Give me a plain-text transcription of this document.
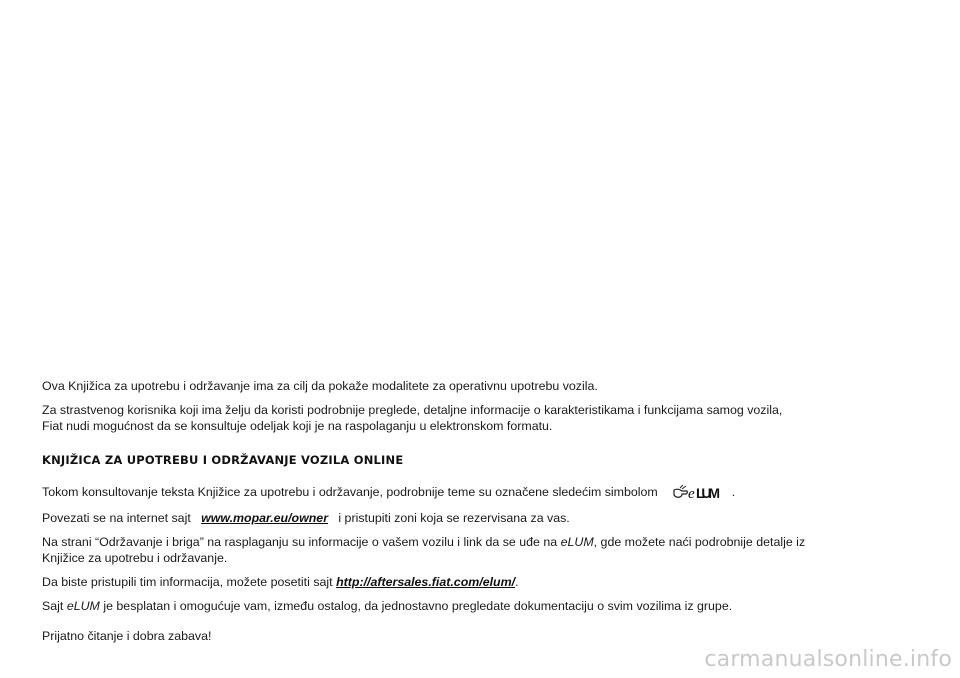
Ova Knjižica za upotrebu i održavanje ima za cilj da pokaže modalitete za operativnu upotrebu vozila.

Za strastvenog korisnika koji ima želju da koristi podrobnije preglede, detaljne informacije o karakteristikama i funkcijama samog vozila,
Fiat nudi mogućnost da se konsultuje odeljak koji je na raspolaganju u elektronskom formatu.

KNJIŽICA ZA UPOTREBU I ODRŽAVANJE VOZILA ONLINE

Tokom konsultovanje teksta Knjižice za upotrebu i održavanje, podrobnije teme su označene sledećim simbolom e LUM .

Povezati se na internet sajt www.mopar.eu/owner i pristupiti zoni koja se rezervisana za vas.

Na strani “Održavanje i briga” na rasplaganju su informacije o vašem vozilu i link da se uđe na eLUM, gde možete naći podrobnije detalje iz
Knjižice za upotrebu i održavanje.

Da biste pristupili tim informacija, možete posetiti sajt http://aftersales.fiat.com/elum/.

Sajt eLUM je besplatan i omogućuje vam, između ostalog, da jednostavno pregledate dokumentaciju o svim vozilima iz grupe.

Prijatno čitanje i dobra zabava!

carmanualsonline.info
